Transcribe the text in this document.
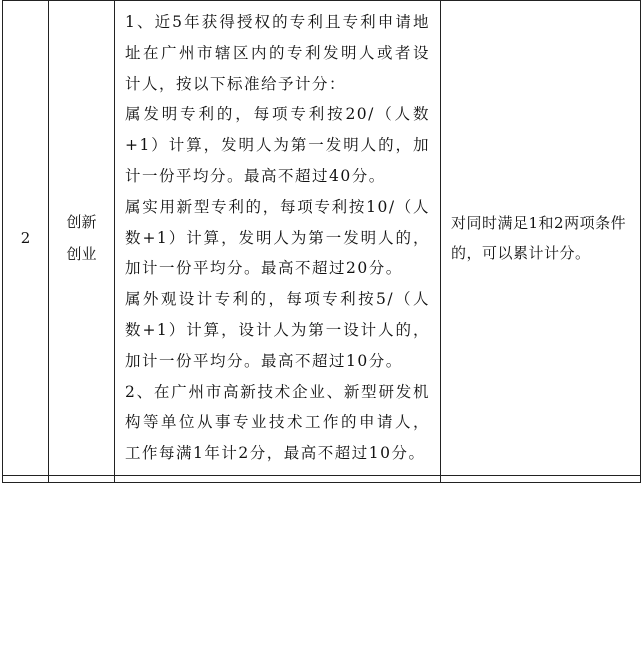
2	创新创业	1、近5年获得授权的专利且专利申请地址在广州市辖区内的专利发明人或者设计人，按以下标准给予计分：

属发明专利的，每项专利按20/（人数+1）计算，发明人为第一发明人的，加计一份平均分。最高不超过40分。

属实用新型专利的，每项专利按10/（人数+1）计算，发明人为第一发明人的，加计一份平均分。最高不超过20分。

属外观设计专利的，每项专利按5/（人数+1）计算，设计人为第一设计人的，加计一份平均分。最高不超过10分。

2、在广州市高新技术企业、新型研发机构等单位从事专业技术工作的申请人，工作每满1年计2分，最高不超过10分。	对同时满足1和2两项条件的，可以累计计分。
